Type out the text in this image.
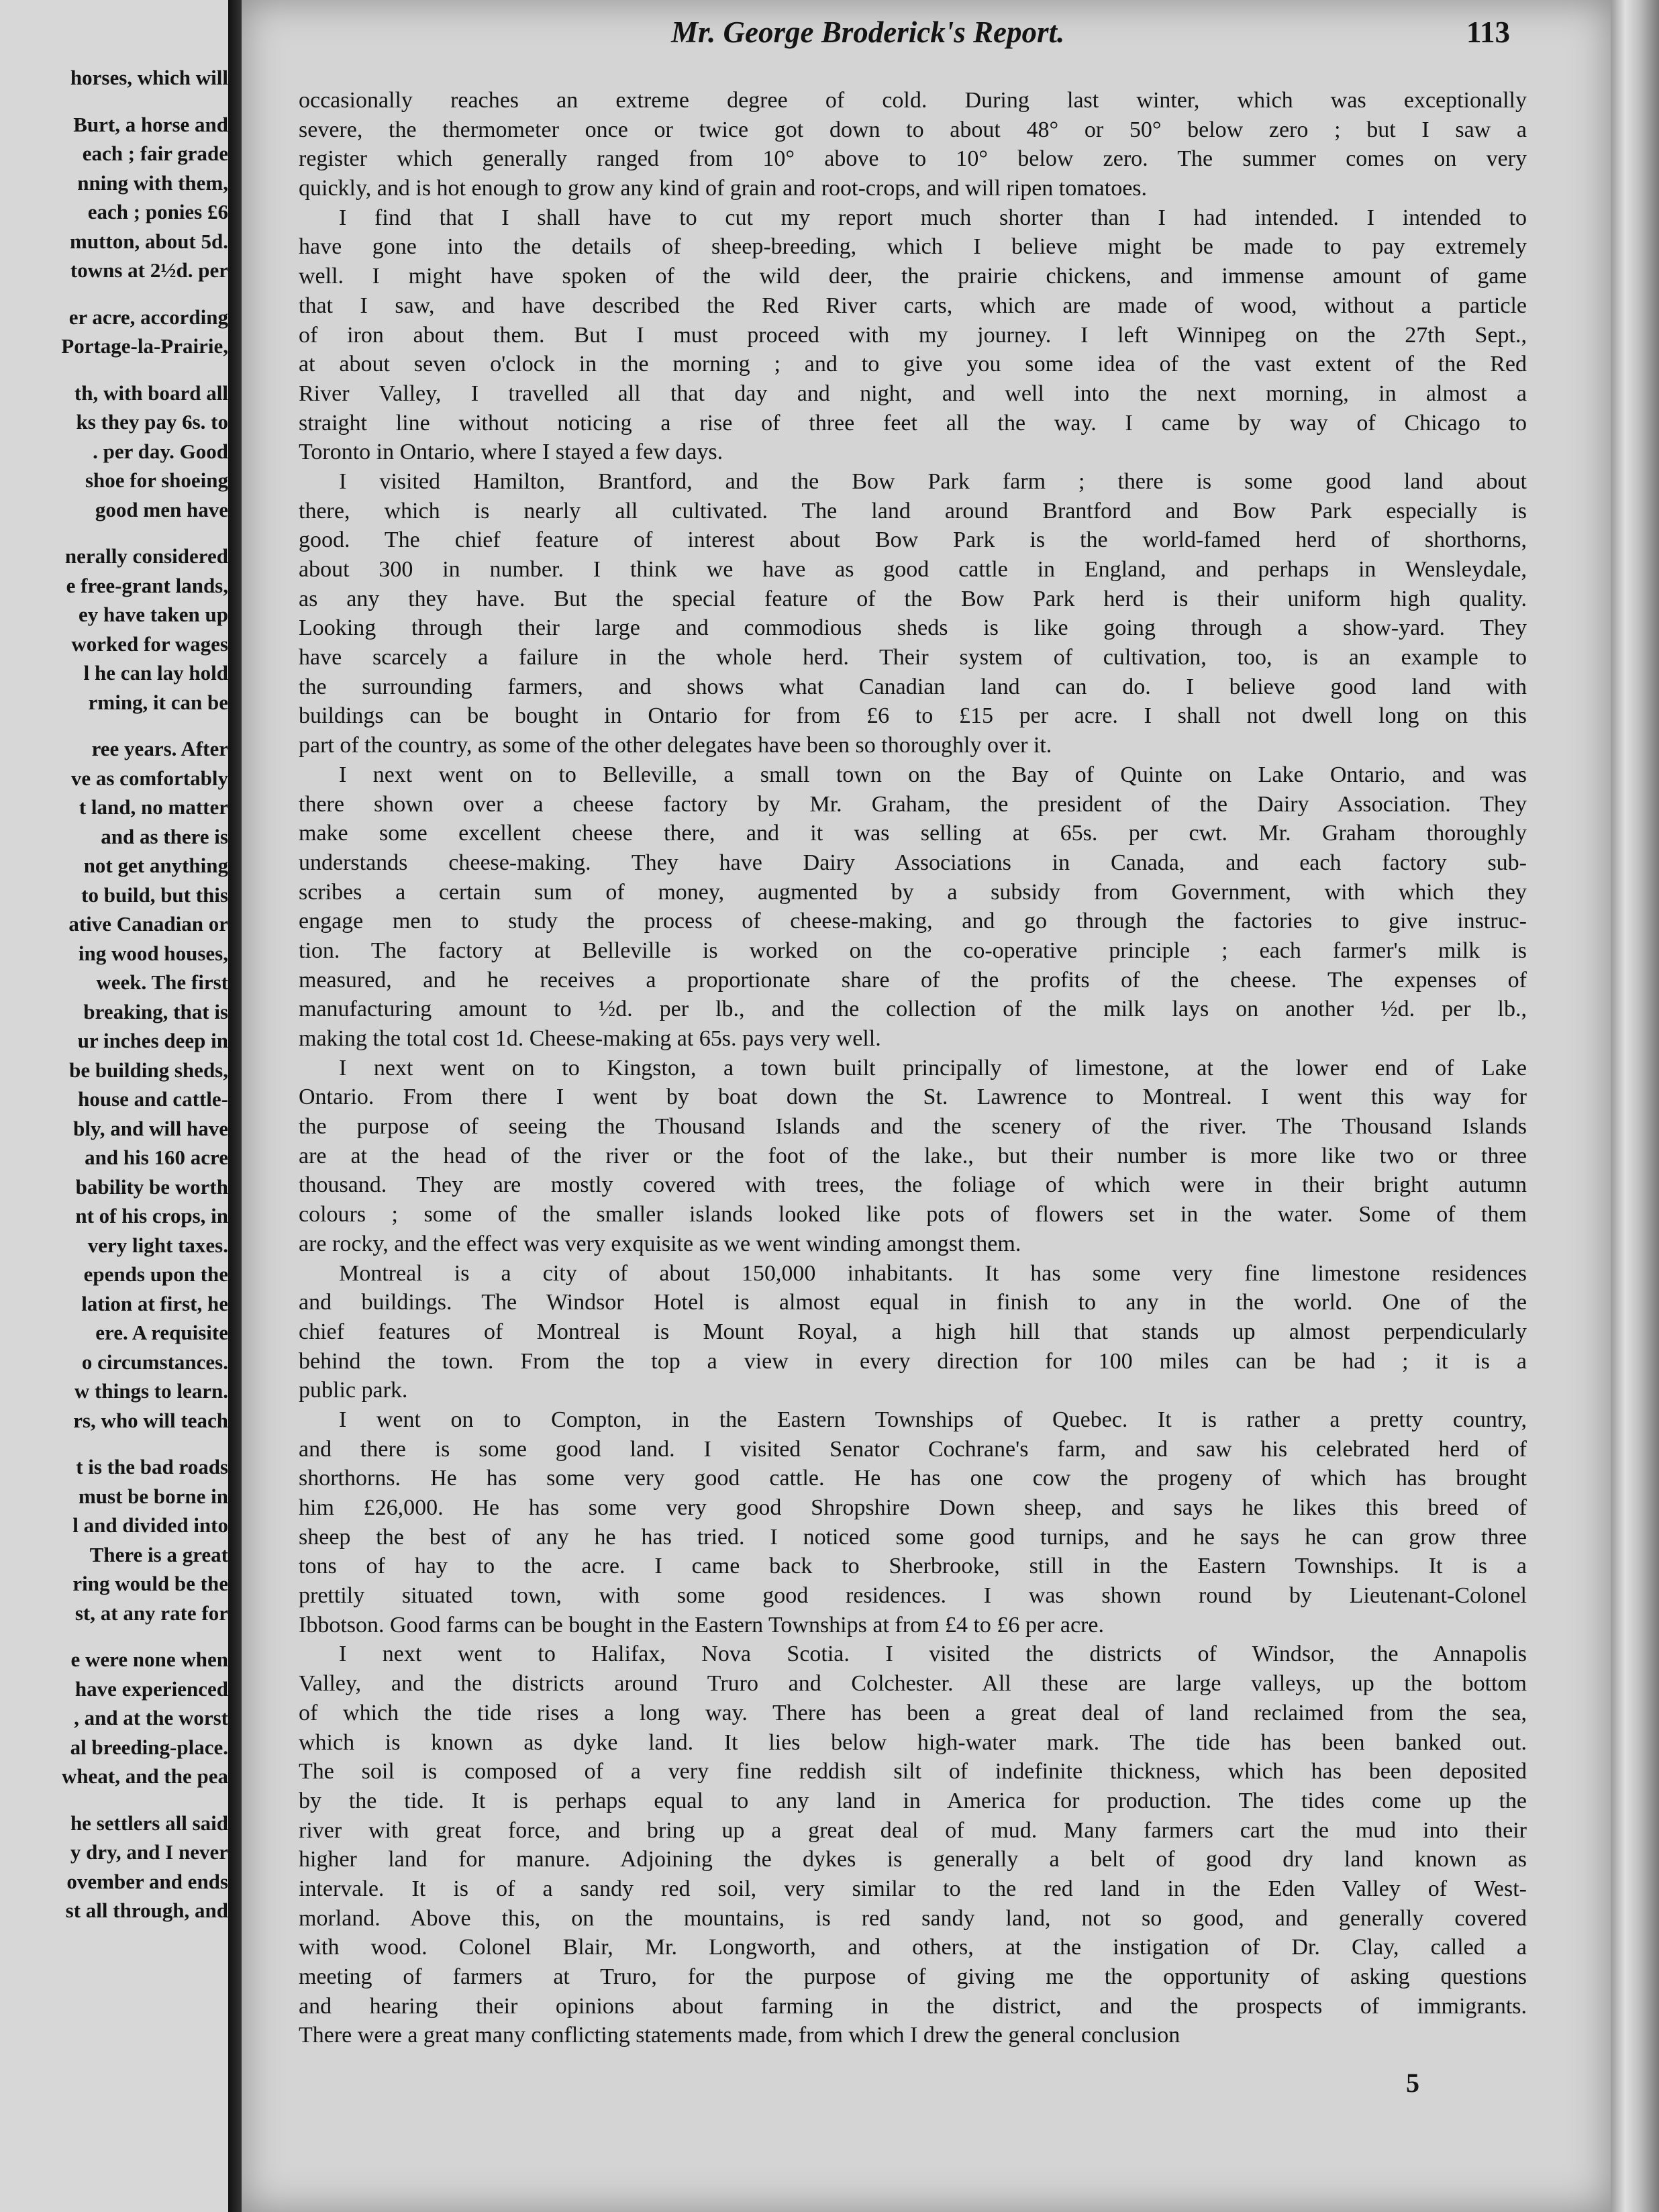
horses, which will
Burt, a horse and
each ; fair grade
nning with them,
each ; ponies £6
mutton, about 5d.
towns at 2½d. per
er acre, according
Portage-la-Prairie,
th, with board all
ks they pay 6s. to
. per day. Good
shoe for shoeing
good men have
nerally considered
e free-grant lands,
ey have taken up
worked for wages
l he can lay hold
rming, it can be
ree years. After
ve as comfortably
t land, no matter
and as there is
not get anything
to build, but this
ative Canadian or
ing wood houses,
week. The first
breaking, that is
ur inches deep in
be building sheds,
house and cattle-
bly, and will have
and his 160 acre
bability be worth
nt of his crops, in
very light taxes.
epends upon the
lation at first, he
ere. A requisite
o circumstances.
w things to learn.
rs, who will teach
t is the bad roads
must be borne in
l and divided into
There is a great
ring would be the
st, at any rate for
e were none when
have experienced
, and at the worst
al breeding-place.
wheat, and the pea
he settlers all said
y dry, and I never
ovember and ends
st all through, and
Mr. George Broderick's Report.	113
occasionally reaches an extreme degree of cold. During last winter, which was exceptionally
severe, the thermometer once or twice got down to about 48° or 50° below zero ; but I saw a
register which generally ranged from 10° above to 10° below zero. The summer comes on very
quickly, and is hot enough to grow any kind of grain and root-crops, and will ripen tomatoes.
I find that I shall have to cut my report much shorter than I had intended. I intended to
have gone into the details of sheep-breeding, which I believe might be made to pay extremely
well. I might have spoken of the wild deer, the prairie chickens, and immense amount of game
that I saw, and have described the Red River carts, which are made of wood, without a particle
of iron about them. But I must proceed with my journey. I left Winnipeg on the 27th Sept.,
at about seven o'clock in the morning ; and to give you some idea of the vast extent of the Red
River Valley, I travelled all that day and night, and well into the next morning, in almost a
straight line without noticing a rise of three feet all the way. I came by way of Chicago to
Toronto in Ontario, where I stayed a few days.
I visited Hamilton, Brantford, and the Bow Park farm ; there is some good land about
there, which is nearly all cultivated. The land around Brantford and Bow Park especially is
good. The chief feature of interest about Bow Park is the world-famed herd of shorthorns,
about 300 in number. I think we have as good cattle in England, and perhaps in Wensleydale,
as any they have. But the special feature of the Bow Park herd is their uniform high quality.
Looking through their large and commodious sheds is like going through a show-yard. They
have scarcely a failure in the whole herd. Their system of cultivation, too, is an example to
the surrounding farmers, and shows what Canadian land can do. I believe good land with
buildings can be bought in Ontario for from £6 to £15 per acre. I shall not dwell long on this
part of the country, as some of the other delegates have been so thoroughly over it.
I next went on to Belleville, a small town on the Bay of Quinte on Lake Ontario, and was
there shown over a cheese factory by Mr. Graham, the president of the Dairy Association. They
make some excellent cheese there, and it was selling at 65s. per cwt. Mr. Graham thoroughly
understands cheese-making. They have Dairy Associations in Canada, and each factory sub-
scribes a certain sum of money, augmented by a subsidy from Government, with which they
engage men to study the process of cheese-making, and go through the factories to give instruc-
tion. The factory at Belleville is worked on the co-operative principle ; each farmer's milk is
measured, and he receives a proportionate share of the profits of the cheese. The expenses of
manufacturing amount to ½d. per lb., and the collection of the milk lays on another ½d. per lb.,
making the total cost 1d. Cheese-making at 65s. pays very well.
I next went on to Kingston, a town built principally of limestone, at the lower end of Lake
Ontario. From there I went by boat down the St. Lawrence to Montreal. I went this way for
the purpose of seeing the Thousand Islands and the scenery of the river. The Thousand Islands
are at the head of the river or the foot of the lake., but their number is more like two or three
thousand. They are mostly covered with trees, the foliage of which were in their bright autumn
colours ; some of the smaller islands looked like pots of flowers set in the water. Some of them
are rocky, and the effect was very exquisite as we went winding amongst them.
Montreal is a city of about 150,000 inhabitants. It has some very fine limestone residences
and buildings. The Windsor Hotel is almost equal in finish to any in the world. One of the
chief features of Montreal is Mount Royal, a high hill that stands up almost perpendicularly
behind the town. From the top a view in every direction for 100 miles can be had ; it is a
public park.
I went on to Compton, in the Eastern Townships of Quebec. It is rather a pretty country,
and there is some good land. I visited Senator Cochrane's farm, and saw his celebrated herd of
shorthorns. He has some very good cattle. He has one cow the progeny of which has brought
him £26,000. He has some very good Shropshire Down sheep, and says he likes this breed of
sheep the best of any he has tried. I noticed some good turnips, and he says he can grow three
tons of hay to the acre. I came back to Sherbrooke, still in the Eastern Townships. It is a
prettily situated town, with some good residences. I was shown round by Lieutenant-Colonel
Ibbotson. Good farms can be bought in the Eastern Townships at from £4 to £6 per acre.
I next went to Halifax, Nova Scotia. I visited the districts of Windsor, the Annapolis
Valley, and the districts around Truro and Colchester. All these are large valleys, up the bottom
of which the tide rises a long way. There has been a great deal of land reclaimed from the sea,
which is known as dyke land. It lies below high-water mark. The tide has been banked out.
The soil is composed of a very fine reddish silt of indefinite thickness, which has been deposited
by the tide. It is perhaps equal to any land in America for production. The tides come up the
river with great force, and bring up a great deal of mud. Many farmers cart the mud into their
higher land for manure. Adjoining the dykes is generally a belt of good dry land known as
intervale. It is of a sandy red soil, very similar to the red land in the Eden Valley of West-
morland. Above this, on the mountains, is red sandy land, not so good, and generally covered
with wood. Colonel Blair, Mr. Longworth, and others, at the instigation of Dr. Clay, called a
meeting of farmers at Truro, for the purpose of giving me the opportunity of asking questions
and hearing their opinions about farming in the district, and the prospects of immigrants.
There were a great many conflicting statements made, from which I drew the general conclusion
5
